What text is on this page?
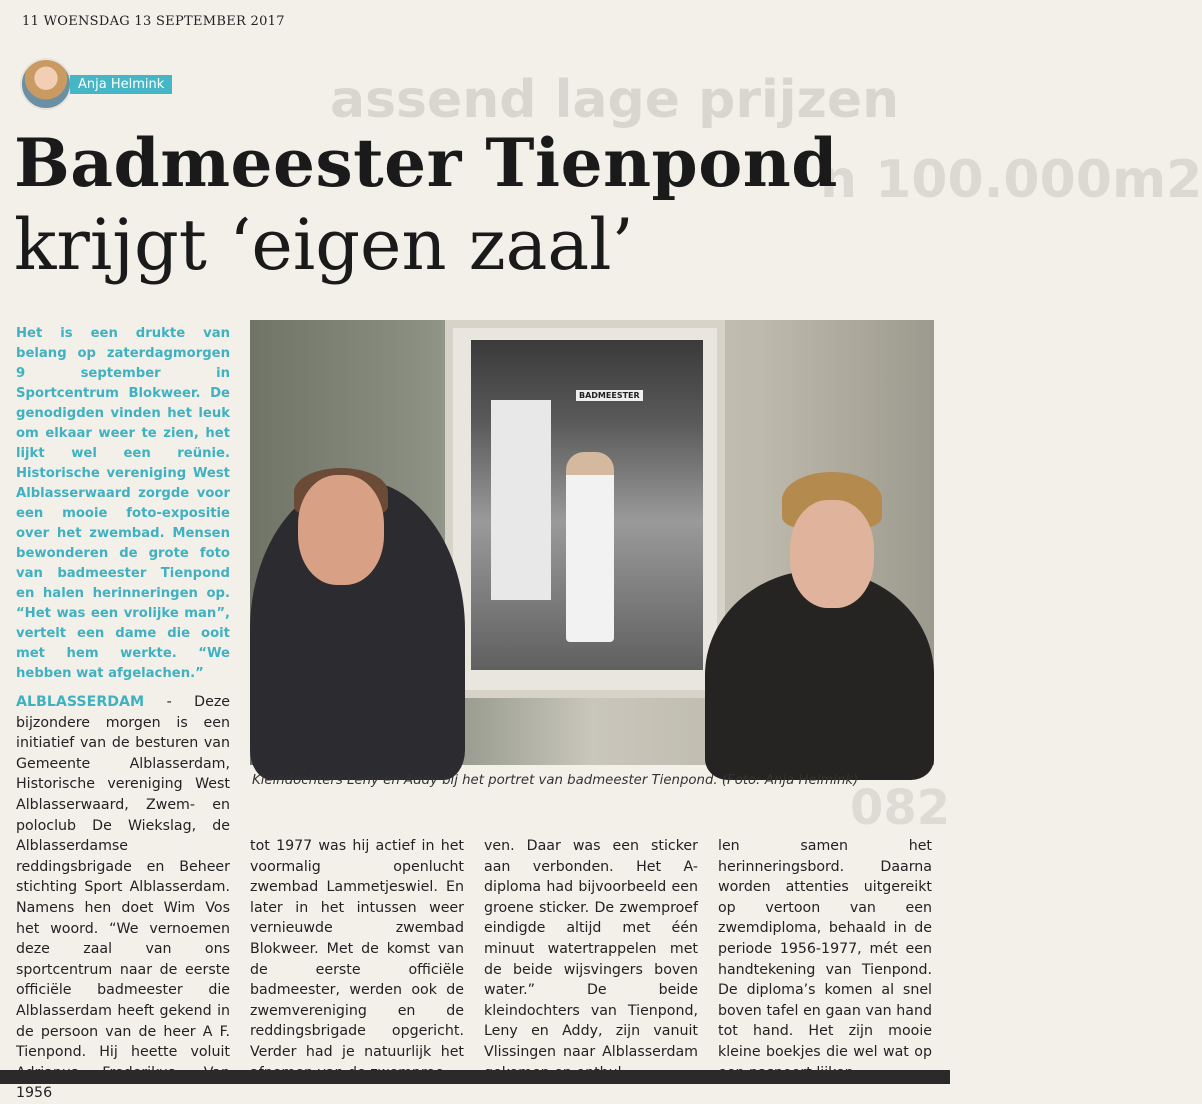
assend lage prijzen
n 100.000m2
082
11 WOENSDAG 13 SEPTEMBER 2017
Anja Helmink
Badmeester Tienpond
krijgt ‘eigen zaal’
Het is een drukte van belang op zaterdagmorgen 9 september in Sportcentrum Blokweer. De genodigden vinden het leuk om elkaar weer te zien, het lijkt wel een reünie. Historische vereniging West Alblasserwaard zorgde voor een mooie foto-expositie over het zwembad. Mensen bewonderen de grote foto van badmeester Tienpond en halen herinneringen op. “Het was een vrolijke man”, vertelt een dame die ooit met hem werkte. “We hebben wat afgelachen.”
BADMEESTER
Kleindochters Leny en Addy bij het portret van badmeester Tienpond. (Foto: Anja Helmink)
ALBLASSERDAM - Deze bijzondere morgen is een initiatief van de besturen van Gemeente Alblasserdam, Historische vereniging West Alblasserwaard, Zwem- en poloclub De Wiekslag, de Alblasserdamse reddingsbrigade en Beheer stichting Sport Alblasserdam. Namens hen doet Wim Vos het woord. “We vernoemen deze zaal van ons sportcentrum naar de eerste officiële badmeester die Alblasserdam heeft gekend in de persoon van de heer A F. Tienpond. Hij heette voluit 1956
tot 1977 was hij actief in het voormalig openlucht zwembad Lammetjeswiel. En later in het intussen weer vernieuwde zwembad Blokweer. Met de komst van de eerste officiële badmeester, werden ook de zwemvereniging en de reddingsbrigade opgericht. Verder had je natuurlijk het
ven. Daar was een sticker aan verbonden. Het A-diploma had bijvoorbeeld een groene sticker. De zwemproef eindigde altijd met één minuut watertrappelen met de beide wijsvingers boven water.” De beide kleindochters van Tienpond, Leny en Addy, zijn vanuit Vlissingen naar Alblasserdam
len samen het herinneringsbord. Daarna worden attenties uitgereikt op vertoon van een zwemdiploma, behaald in de periode 1956-1977, mét een handtekening van Tienpond. De diploma’s komen al snel boven tafel en gaan van hand tot hand. Het zijn mooie kleine boekjes die wel wat op
